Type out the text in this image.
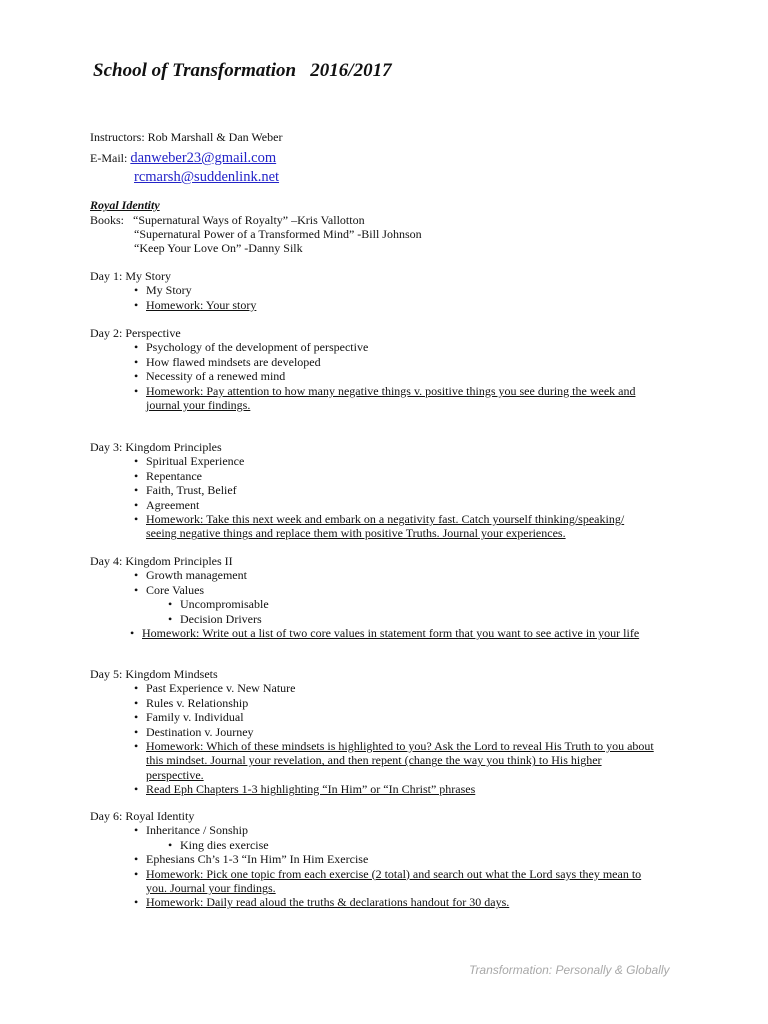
School of Transformation   2016/2017
Instructors: Rob Marshall & Dan Weber
E-Mail: danweber23@gmail.com
rcmarsh@suddenlink.net
Royal Identity
Books: “Supernatural Ways of Royalty” –Kris Vallotton
“Supernatural Power of a Transformed Mind” -Bill Johnson
“Keep Your Love On” -Danny Silk

Day 1: My Story

• My Story
• Homework: Your story

Day 2: Perspective

• Psychology of the development of perspective
• How flawed mindsets are developed
• Necessity of a renewed mind
• Homework: Pay attention to how many negative things v. positive things you see during the week and journal your findings.

Day 3: Kingdom Principles

• Spiritual Experience
• Repentance
• Faith, Trust, Belief
• Agreement
• Homework: Take this next week and embark on a negativity fast. Catch yourself thinking/speaking/ seeing negative things and replace them with positive Truths. Journal your experiences.

Day 4: Kingdom Principles II

• Growth management
• Core Values
• Uncompromisable
• Decision Drivers
• Homework: Write out a list of two core values in statement form that you want to see active in your life

Day 5: Kingdom Mindsets

• Past Experience v. New Nature
• Rules v. Relationship
• Family v. Individual
• Destination v. Journey
• Homework: Which of these mindsets is highlighted to you? Ask the Lord to reveal His Truth to you about this mindset. Journal your revelation, and then repent (change the way you think) to His higher perspective.
• Read Eph Chapters 1-3 highlighting “In Him” or “In Christ” phrases

Day 6: Royal Identity

• Inheritance / Sonship
• King dies exercise
• Ephesians Ch’s 1-3 “In Him” In Him Exercise
• Homework: Pick one topic from each exercise (2 total) and search out what the Lord says they mean to you. Journal your findings.
• Homework: Daily read aloud the truths & declarations handout for 30 days.
Transformation: Personally & Globally
